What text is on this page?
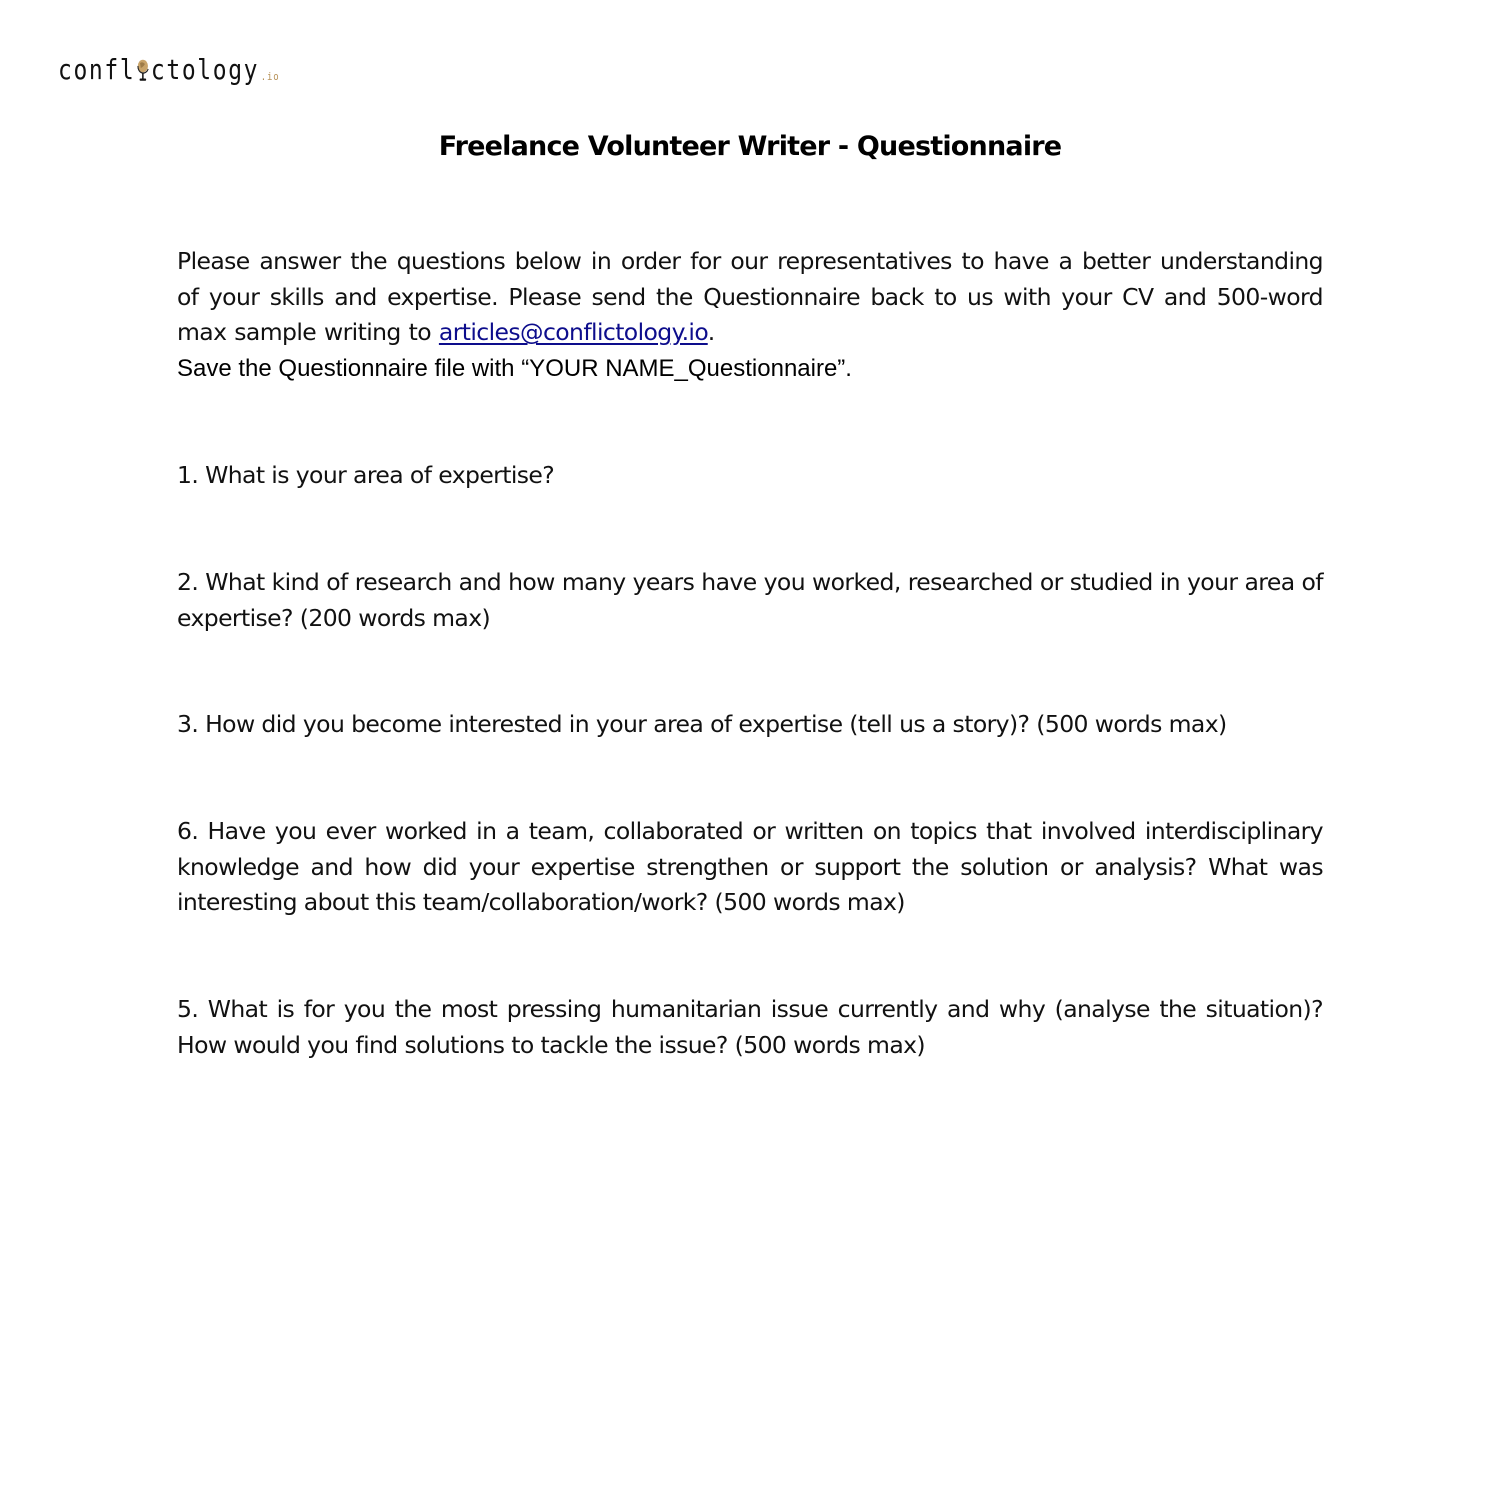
confl ctology .io
Freelance Volunteer Writer - Questionnaire

Please answer the questions below in order for our representatives to have a better understanding of your skills and expertise. Please send the Questionnaire back to us with your CV and 500-word max sample writing to articles@conflictology.io.

Save the Questionnaire file with “YOUR NAME_Questionnaire”.

1. What is your area of expertise?

2. What kind of research and how many years have you worked, researched or studied in your area of expertise? (200 words max)

3. How did you become interested in your area of expertise (tell us a story)? (500 words max)

6. Have you ever worked in a team, collaborated or written on topics that involved interdisciplinary knowledge and how did your expertise strengthen or support the solution or analysis? What was interesting about this team/collaboration/work? (500 words max)

5. What is for you the most pressing humanitarian issue currently and why (analyse the situation)? How would you find solutions to tackle the issue? (500 words max)
